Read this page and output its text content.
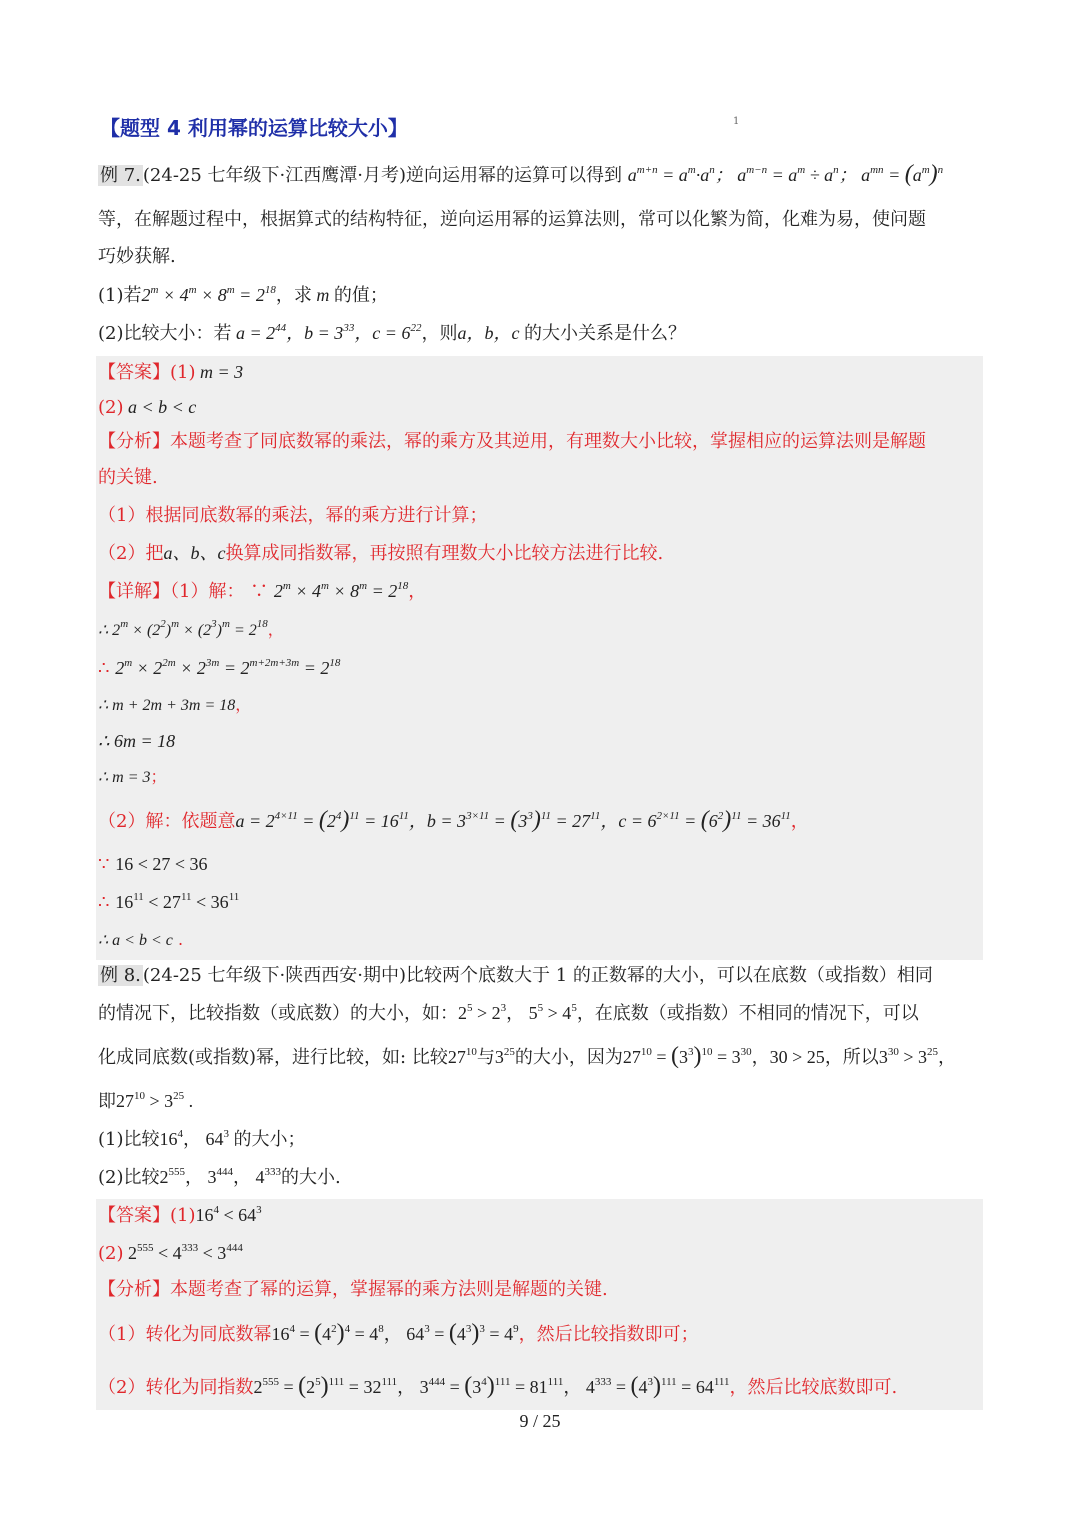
【题型 4 利用幂的运算比较大小】	1
例 7. (24-25 七年级下·江西鹰潭·月考)逆向运用幂的运算可以得到 $a^{m+n} = a^m\cdot a^n$； $a^{m-n} = a^m \div a^n$； $a^{mn} = (a^m)^n$
等，在解题过程中，根据算式的结构特征，逆向运用幂的运算法则，常可以化繁为简，化难为易，使问题
巧妙获解.
(1)若$2^m \times 4^m \times 8^m = 2^{18}$，求 m 的值；
(2)比较大小：若 $a = 2^{44}$，$b = 3^{33}$，$c = 6^{22}$，则a，b，c 的大小关系是什么？
【答案】(1) m = 3
(2) a < b < c
【分析】本题考查了同底数幂的乘法，幂的乘方及其逆用，有理数大小比较，掌握相应的运算法则是解题
的关键.
（1）根据同底数幂的乘法，幂的乘方进行计算；
（2）把a、b、c换算成同指数幂，再按照有理数大小比较方法进行比较.
【详解】（1）解： ∵ $2^m \times 4^m \times 8^m = 2^{18}$，
∴ $2^m \times (2^2)^m \times (2^3)^m = 2^{18}$，
∴ $2^m \times 2^{2m} \times 2^{3m} = 2^{m+2m+3m} = 2^{18}$
∴ m + 2m + 3m = 18，
∴ 6m = 18
∴ m = 3；
（2）解：依题意$a = 2^{4\times 11} = (2^4)^{11} = 16^{11}$，$b = 3^{3\times 11} = (3^3)^{11} = 27^{11}$，$c = 6^{2\times 11} = (6^2)^{11} = 36^{11}$，
∵ 16 < 27 < 36
∴ $16^{11} < 27^{11} < 36^{11}$
∴ a < b < c .
例 8. (24-25 七年级下·陕西西安·期中)比较两个底数大于 1 的正数幂的大小，可以在底数（或指数）相同
的情况下，比较指数（或底数）的大小，如：$2^5 > 2^3$， $5^5 > 4^5$，在底数（或指数）不相同的情况下，可以
化成同底数(或指数)幂，进行比较，如: 比较$27^{10}$与$3^{25}$的大小，因为$27^{10} = (3^3)^{10} = 3^{30}$，30 > 25，所以$3^{30} > 3^{25}$，
即$27^{10} > 3^{25}$ .
(1)比较$16^4$， $64^3$ 的大小；
(2)比较$2^{555}$， $3^{444}$， $4^{333}$的大小.
【答案】$(1)16^4 < 64^3$
(2) $2^{555} < 4^{333} < 3^{444}$
【分析】本题考查了幂的运算，掌握幂的乘方法则是解题的关键.
（1）转化为同底数幂$16^4 = (4^2)^4 = 4^8$， $64^3 = (4^3)^3 = 4^9$，然后比较指数即可；
（2）转化为同指数$2^{555} = (2^5)^{111} = 32^{111}$， $3^{444} = (3^4)^{111} = 81^{111}$， $4^{333} = (4^3)^{111} = 64^{111}$，然后比较底数即可.
9 / 25
